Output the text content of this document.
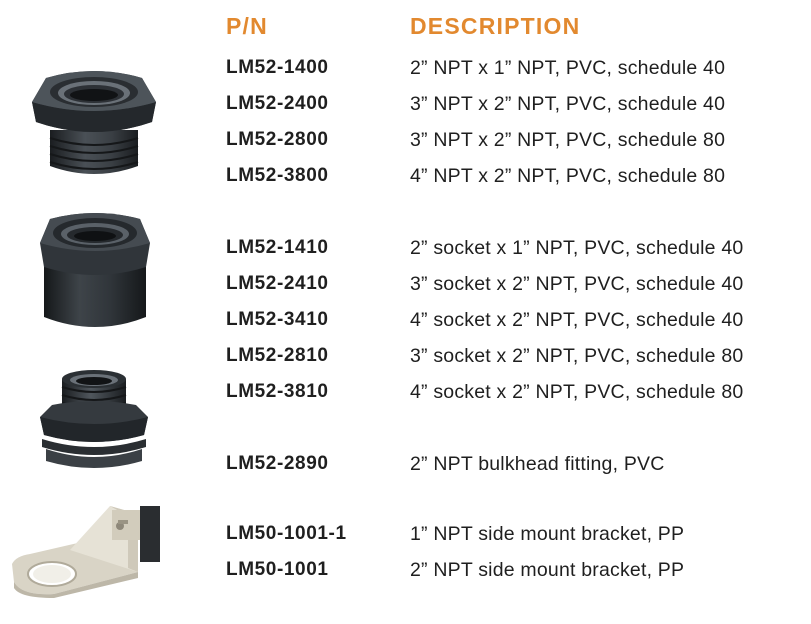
P/N	DESCRIPTION
LM52-1400	2” NPT x 1” NPT, PVC, schedule 40
LM52-2400	3” NPT x 2” NPT, PVC, schedule 40
LM52-2800	3” NPT x 2” NPT, PVC, schedule 80
LM52-3800	4” NPT x 2” NPT, PVC, schedule 80
LM52-1410	2” socket x 1” NPT, PVC, schedule 40
LM52-2410	3” socket x 2” NPT, PVC, schedule 40
LM52-3410	4” socket x 2” NPT, PVC, schedule 40
LM52-2810	3” socket x 2” NPT, PVC, schedule 80
LM52-3810	4” socket x 2” NPT, PVC, schedule 80
LM52-2890	2” NPT bulkhead fitting, PVC
LM50-1001-1	1” NPT side mount bracket, PP
LM50-1001	2” NPT side mount bracket, PP
